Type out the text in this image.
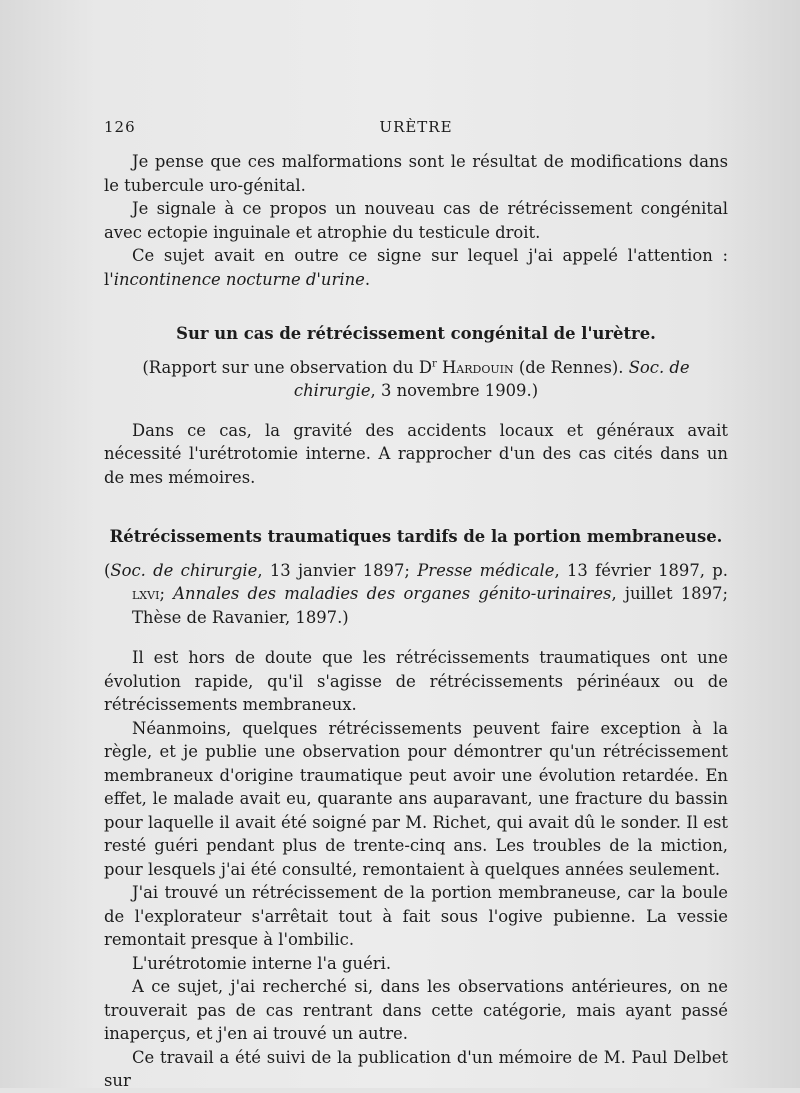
126	URÈTRE

Je pense que ces malformations sont le résultat de modifications dans le tubercule uro-génital.

Je signale à ce propos un nouveau cas de rétrécissement congénital avec ectopie inguinale et atrophie du testicule droit.

Ce sujet avait en outre ce signe sur lequel j'ai appelé l'attention : l'incontinence nocturne d'urine.

Sur un cas de rétrécissement congénital de l'urètre.

(Rapport sur une observation du $D^r$ Hardouin (de Rennes). Soc. de chirurgie, 3 novembre 1909.)

Dans ce cas, la gravité des accidents locaux et généraux avait nécessité l'urétrotomie interne. A rapprocher d'un des cas cités dans un de mes mémoires.

Rétrécissements traumatiques tardifs de la portion membraneuse.

(Soc. de chirurgie, 13 janvier 1897; Presse médicale, 13 février 1897, p. lxvi; Annales des maladies des organes génito-urinaires, juillet 1897; Thèse de Ravanier, 1897.)

Il est hors de doute que les rétrécissements traumatiques ont une évolution rapide, qu'il s'agisse de rétrécissements périnéaux ou de rétrécissements membraneux.

Néanmoins, quelques rétrécissements peuvent faire exception à la règle, et je publie une observation pour démontrer qu'un rétrécissement membraneux d'origine traumatique peut avoir une évolution retardée. En effet, le malade avait eu, quarante ans auparavant, une fracture du bassin pour laquelle il avait été soigné par M. Richet, qui avait dû le sonder. Il est resté guéri pendant plus de trente-cinq ans. Les troubles de la miction, pour lesquels j'ai été consulté, remontaient à quelques années seulement.

J'ai trouvé un rétrécissement de la portion membraneuse, car la boule de l'explorateur s'arrêtait tout à fait sous l'ogive pubienne. La vessie remontait presque à l'ombilic.

L'urétrotomie interne l'a guéri.

A ce sujet, j'ai recherché si, dans les observations antérieures, on ne trouverait pas de cas rentrant dans cette catégorie, mais ayant passé inaperçus, et j'en ai trouvé un autre.

Ce travail a été suivi de la publication d'un mémoire de M. Paul Delbet sur
